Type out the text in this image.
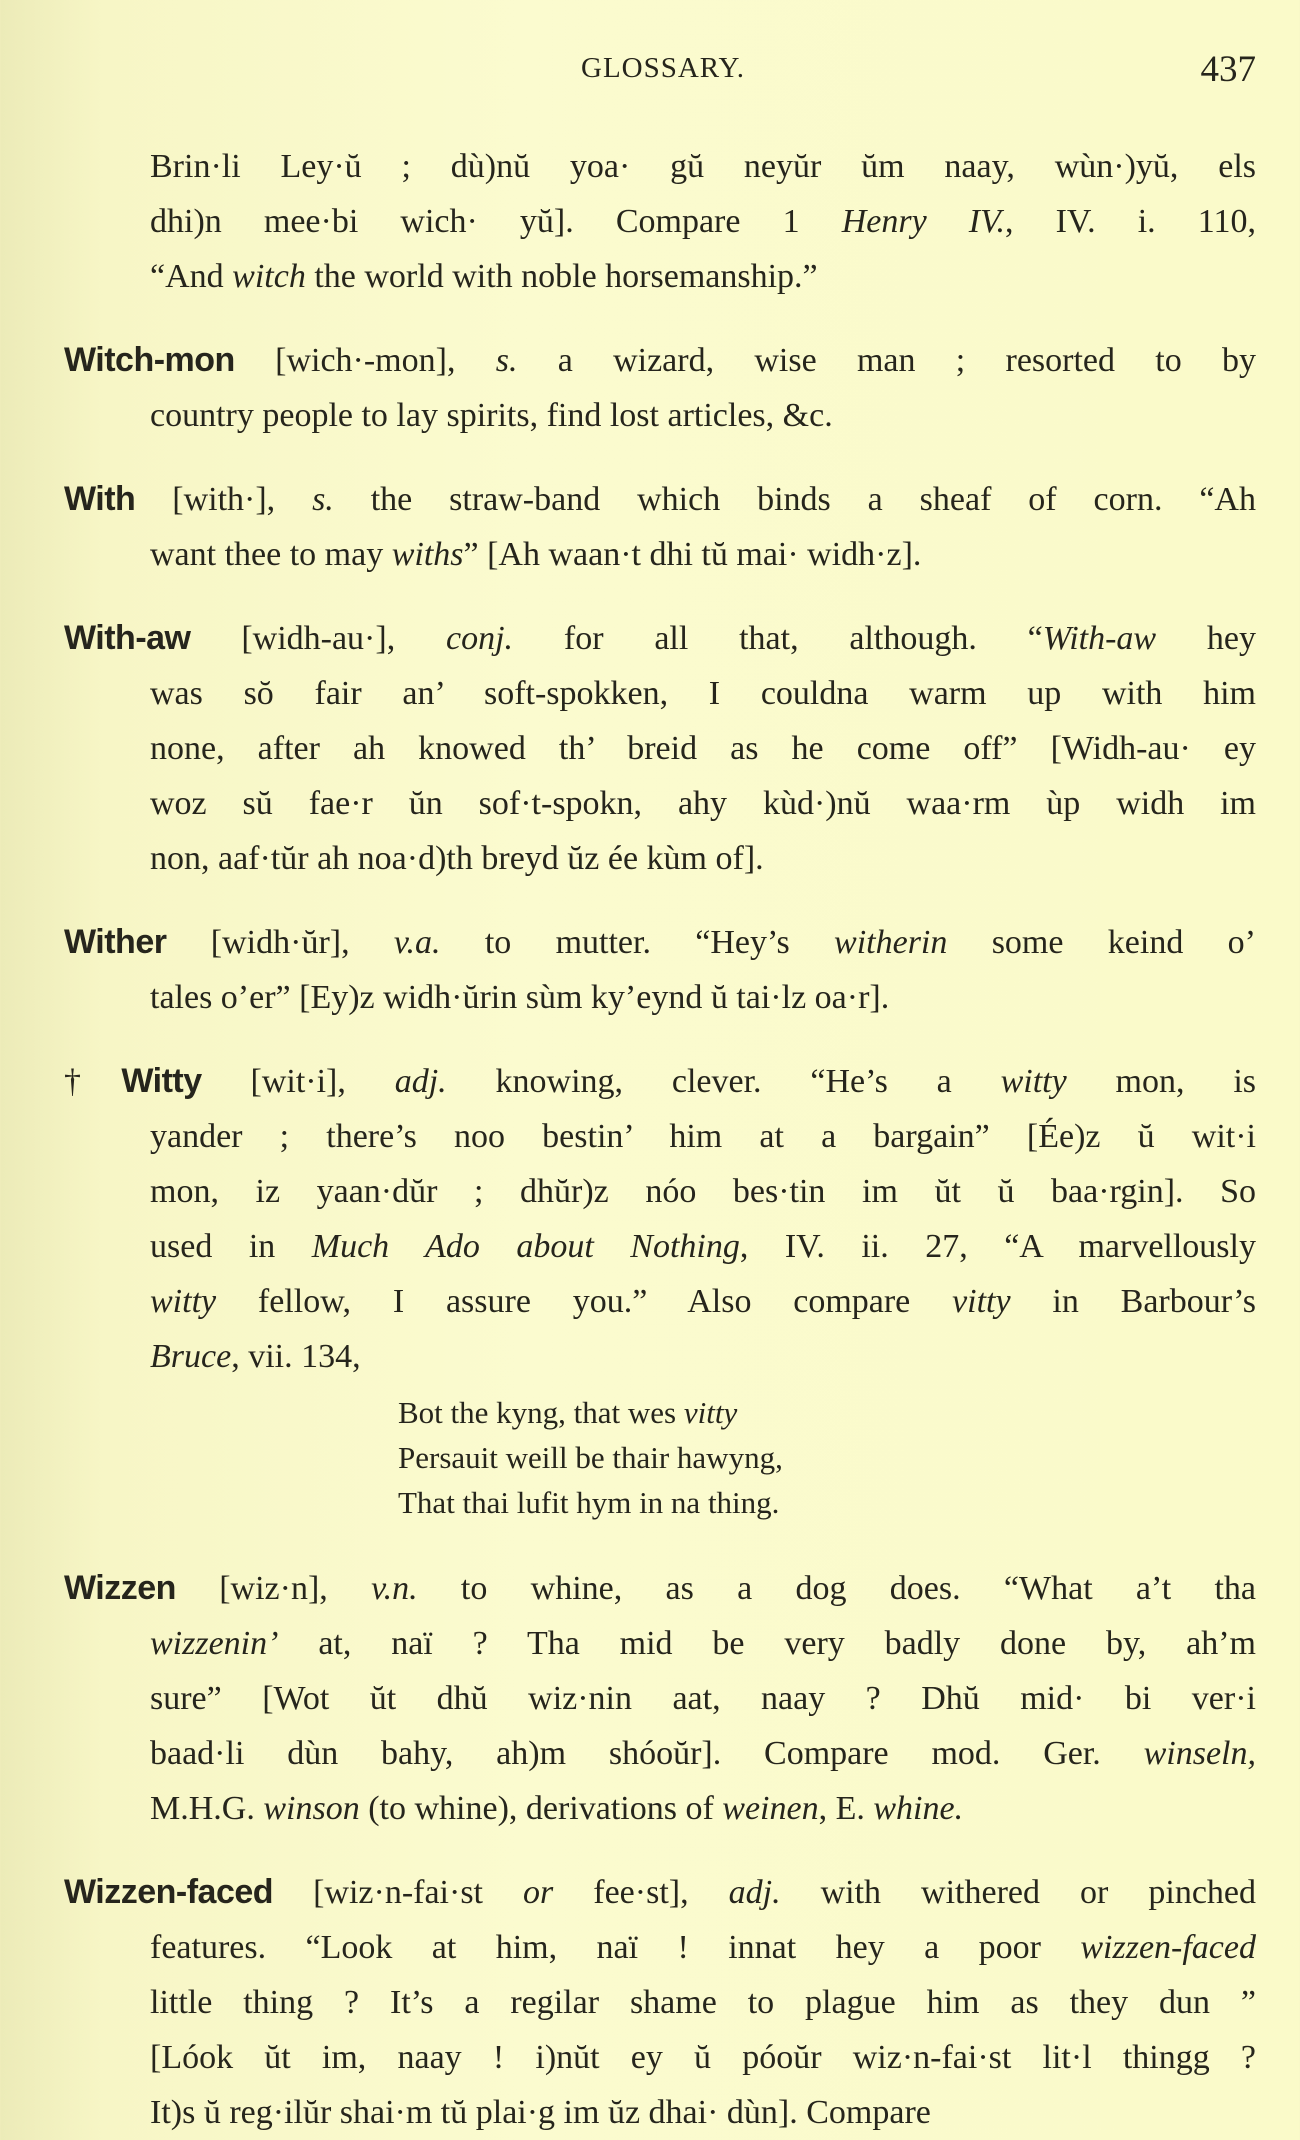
GLOSSARY.	437
Brin·li Ley·ŭ ; dù)nŭ yoa· gŭ neyŭr ŭm naay, wùn·)yŭ, els
dhi)n mee·bi wich· yŭ]. Compare 1 Henry IV., IV. i. 110,
“And witch the world with noble horsemanship.”
Witch-mon [wich·-mon], s. a wizard, wise man ; resorted to by
country people to lay spirits, find lost articles, &c.
With [with·], s. the straw-band which binds a sheaf of corn. “Ah
want thee to may withs” [Ah waan·t dhi tŭ mai· widh·z].
With-aw [widh-au·], conj. for all that, although. “With-aw hey
was sŏ fair an’ soft-spokken, I couldna warm up with him
none, after ah knowed th’ breid as he come off” [Widh-au· ey
woz sŭ fae·r ŭn sof·t-spokn, ahy kùd·)nŭ waa·rm ùp widh im
non, aaf·tŭr ah noa·d)th breyd ŭz ée kùm of].
Wither [widh·ŭr], v.a. to mutter. “Hey’s witherin some keind o’
tales o’er” [Ey)z widh·ŭrin sùm ky’eynd ŭ tai·lz oa·r].
†Witty [wit·i], adj. knowing, clever. “He’s a witty mon, is
yander ; there’s noo bestin’ him at a bargain” [Ée)z ŭ wit·i
mon, iz yaan·dŭr ; dhŭr)z nóo bes·tin im ŭt ŭ baa·rgin]. So
used in Much Ado about Nothing, IV. ii. 27, “A marvellously
witty fellow, I assure you.” Also compare vitty in Barbour’s
Bruce, vii. 134,
Bot the kyng, that wes vitty
Persauit weill be thair hawyng,
That thai lufit hym in na thing.
Wizzen [wiz·n], v.n. to whine, as a dog does. “What a’t tha
wizzenin’ at, naï ? Tha mid be very badly done by, ah’m
sure” [Wot ŭt dhŭ wiz·nin aat, naay ? Dhŭ mid· bi ver·i
baad·li dùn bahy, ah)m shóoŭr]. Compare mod. Ger. winseln,
M.H.G. winson (to whine), derivations of weinen, E. whine.
Wizzen-faced [wiz·n-fai·st or fee·st], adj. with withered or pinched
features. “Look at him, naï ! innat hey a poor wizzen-faced
little thing ? It’s a regilar shame to plague him as they dun ”
[Lóok ŭt im, naay ! i)nŭt ey ŭ póoŭr wiz·n-fai·st lit·l thingg ?
It)s ŭ reg·ilŭr shai·m tŭ plai·g im ŭz dhai· dùn]. Compare
